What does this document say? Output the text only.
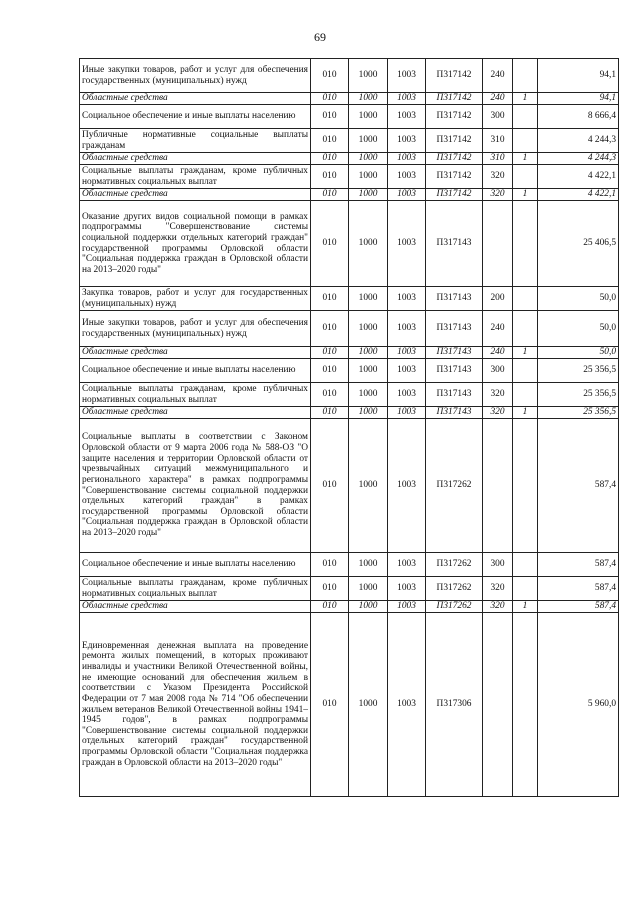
69
Иные закупки товаров, работ и услуг для обеспечения государственных (муниципальных) нужд	010	1000	1003	П317142	240		94,1
Областные средства	010	1000	1003	П317142	240	1	94,1
Социальное обеспечение и иные выплаты населению	010	1000	1003	П317142	300		8 666,4
Публичные нормативные социальные выплаты гражданам	010	1000	1003	П317142	310		4 244,3
Областные средства	010	1000	1003	П317142	310	1	4 244,3
Социальные выплаты гражданам, кроме публичных нормативных социальных выплат	010	1000	1003	П317142	320		4 422,1
Областные средства	010	1000	1003	П317142	320	1	4 422,1
Оказание других видов социальной помощи в рамках подпрограммы "Совершенствование системы социальной поддержки отдельных категорий граждан" государственной программы Орловской области "Социальная поддержка граждан в Орловской области на 2013–2020 годы"	010	1000	1003	П317143			25 406,5
Закупка товаров, работ и услуг для государственных (муниципальных) нужд	010	1000	1003	П317143	200		50,0
Иные закупки товаров, работ и услуг для обеспечения государственных (муниципальных) нужд	010	1000	1003	П317143	240		50,0
Областные средства	010	1000	1003	П317143	240	1	50,0
Социальное обеспечение и иные выплаты населению	010	1000	1003	П317143	300		25 356,5
Социальные выплаты гражданам, кроме публичных нормативных социальных выплат	010	1000	1003	П317143	320		25 356,5
Областные средства	010	1000	1003	П317143	320	1	25 356,5
Социальные выплаты в соответствии с Законом Орловской области от 9 марта 2006 года № 588-ОЗ "О защите населения и территории Орловской области от чрезвычайных ситуаций межмуниципального и регионального характера" в рамках подпрограммы "Совершенствование системы социальной поддержки отдельных категорий граждан" в рамках государственной программы Орловской области "Социальная поддержка граждан в Орловской области на 2013–2020 годы"	010	1000	1003	П317262			587,4
Социальное обеспечение и иные выплаты населению	010	1000	1003	П317262	300		587,4
Социальные выплаты гражданам, кроме публичных нормативных социальных выплат	010	1000	1003	П317262	320		587,4
Областные средства	010	1000	1003	П317262	320	1	587,4
Единовременная денежная выплата на проведение ремонта жилых помещений, в которых проживают инвалиды и участники Великой Отечественной войны, не имеющие оснований для обеспечения жильем в соответствии с Указом Президента Российской Федерации от 7 мая 2008 года № 714 "Об обеспечении жильем ветеранов Великой Отечественной войны 1941–1945 годов", в рамках подпрограммы "Совершенствование системы социальной поддержки отдельных категорий граждан" государственной программы Орловской области "Социальная поддержка граждан в Орловской области на 2013–2020 годы"	010	1000	1003	П317306			5 960,0
